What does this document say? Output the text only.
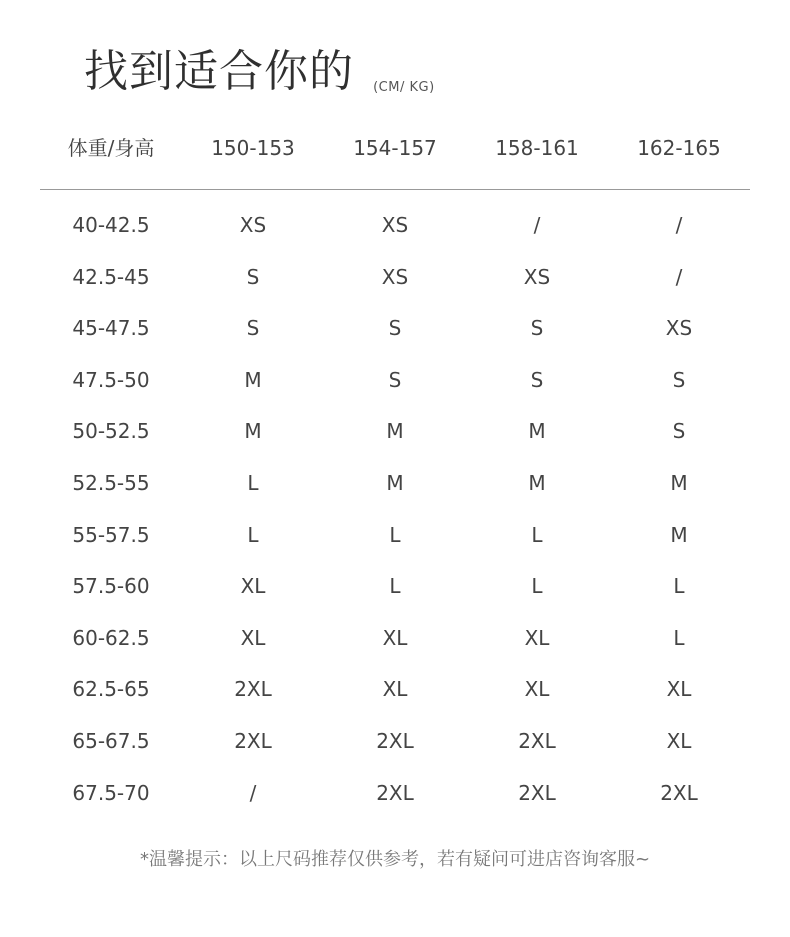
找到适合你的 (CM/ KG)
体重/身高	150-153	154-157	158-161	162-165
40-42.5	XS	XS	/	/
42.5-45	S	XS	XS	/
45-47.5	S	S	S	XS
47.5-50	M	S	S	S
50-52.5	M	M	M	S
52.5-55	L	M	M	M
55-57.5	L	L	L	M
57.5-60	XL	L	L	L
60-62.5	XL	XL	XL	L
62.5-65	2XL	XL	XL	XL
65-67.5	2XL	2XL	2XL	XL
67.5-70	/	2XL	2XL	2XL
*温馨提示：以上尺码推荐仅供参考，若有疑问可进店咨询客服~
